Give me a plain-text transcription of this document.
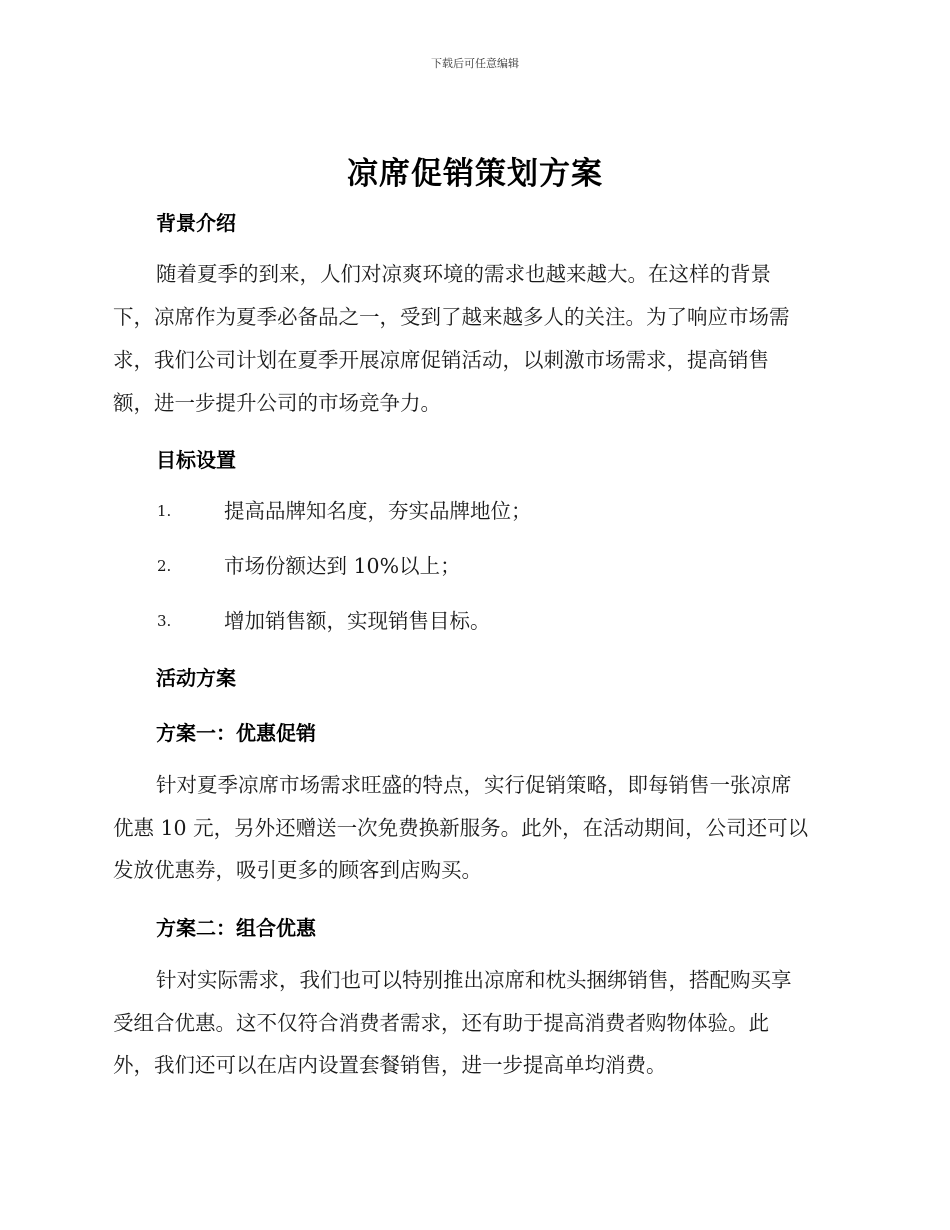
下载后可任意编辑
凉席促销策划方案
背景介绍
随着夏季的到来，人们对凉爽环境的需求也越来越大。在这样的背景
下，凉席作为夏季必备品之一，受到了越来越多人的关注。为了响应市场需
求，我们公司计划在夏季开展凉席促销活动，以刺激市场需求，提高销售
额，进一步提升公司的市场竞争力。
目标设置
1.	提高品牌知名度，夯实品牌地位；
2.	市场份额达到 10%以上；
3.	增加销售额，实现销售目标。
活动方案
方案一：优惠促销
针对夏季凉席市场需求旺盛的特点，实行促销策略，即每销售一张凉席
优惠 10 元，另外还赠送一次免费换新服务。此外，在活动期间，公司还可以
发放优惠券，吸引更多的顾客到店购买。
方案二：组合优惠
针对实际需求，我们也可以特别推出凉席和枕头捆绑销售，搭配购买享
受组合优惠。这不仅符合消费者需求，还有助于提高消费者购物体验。此
外，我们还可以在店内设置套餐销售，进一步提高单均消费。
